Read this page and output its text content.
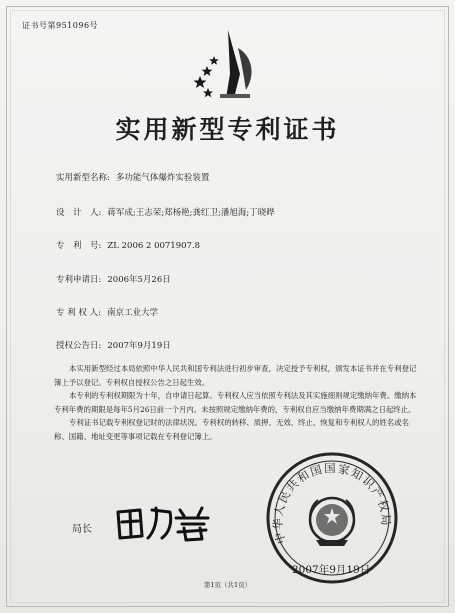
证书号第951096号
实用新型专利证书
实用新型名称: 多功能气体爆炸实验装置
设　计　人: 蒋军成;王志荣;郑杨艳;龚红卫;潘旭海;丁晓晔
专　利　号: ZL 2006 2 0071907.8
专利申请日: 2006年5月26日
专 利 权 人: 南京工业大学
授权公告日: 2007年9月19日

本实用新型经过本局依照中华人民共和国专利法进行初步审查，决定授予专利权，颁发本证书并在专利登记簿上予以登记。专利权自授权公告之日起生效。

本专利的专利权期限为十年，自申请日起算。专利权人应当依照专利法及其实施细则规定缴纳年费。缴纳本专利年费的期限是每年5月26日前一个月内。未按照规定缴纳年费的，专利权自应当缴纳年费期满之日起终止。

专利证书记载专利权登记时的法律状况。专利权的转移、质押、无效、终止、恢复和专利权人的姓名或名称、国籍、地址变更等事项记载在专利登记簿上。

局长	中华人民共和国国家知识产权局
2007年9月19日
第1页（共1页）
